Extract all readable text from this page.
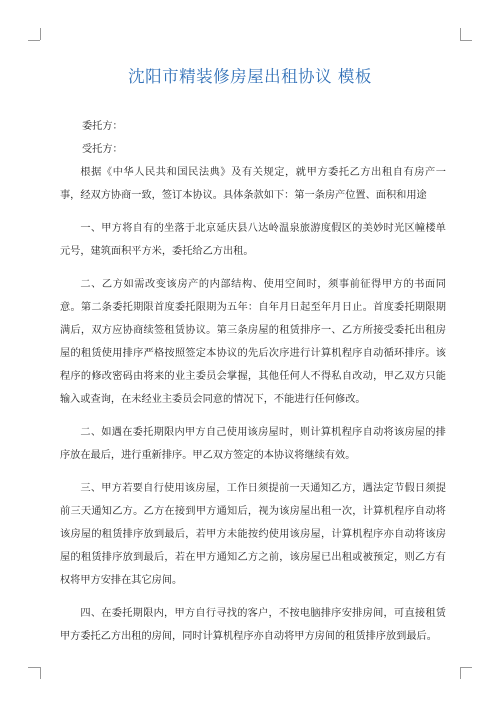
沈阳市精装修房屋出租协议 模板

委托方：

受托方：

根据《中华人民共和国民法典》及有关规定，就甲方委托乙方出租自有房产一事，经双方协商一致，签订本协议。具体条款如下：第一条房产位置、面积和用途

一、甲方将自有的坐落于北京延庆县八达岭温泉旅游度假区的美妙时光区幢楼单元号，建筑面积平方米，委托给乙方出租。

二、乙方如需改变该房产的内部结构、使用空间时，须事前征得甲方的书面同意。第二条委托期限首度委托限期为五年：自年月日起至年月日止。首度委托期限期满后，双方应协商续签租赁协议。第三条房屋的租赁排序一、乙方所接受委托出租房屋的租赁使用排序严格按照签定本协议的先后次序进行计算机程序自动循环排序。该程序的修改密码由将来的业主委员会掌握，其他任何人不得私自改动，甲乙双方只能输入或查询，在未经业主委员会同意的情况下，不能进行任何修改。

二、如遇在委托期限内甲方自己使用该房屋时，则计算机程序自动将该房屋的排序放在最后，进行重新排序。甲乙双方签定的本协议将继续有效。

三、甲方若要自行使用该房屋，工作日须提前一天通知乙方，遇法定节假日须提前三天通知乙方。乙方在接到甲方通知后，视为该房屋出租一次，计算机程序自动将该房屋的租赁排序放到最后，若甲方未能按约使用该房屋，计算机程序亦自动将该房屋的租赁排序放到最后，若在甲方通知乙方之前，该房屋已出租或被预定，则乙方有权将甲方安排在其它房间。

四、在委托期限内，甲方自行寻找的客户，不按电脑排序安排房间，可直接租赁甲方委托乙方出租的房间，同时计算机程序亦自动将甲方房间的租赁排序放到最后。
